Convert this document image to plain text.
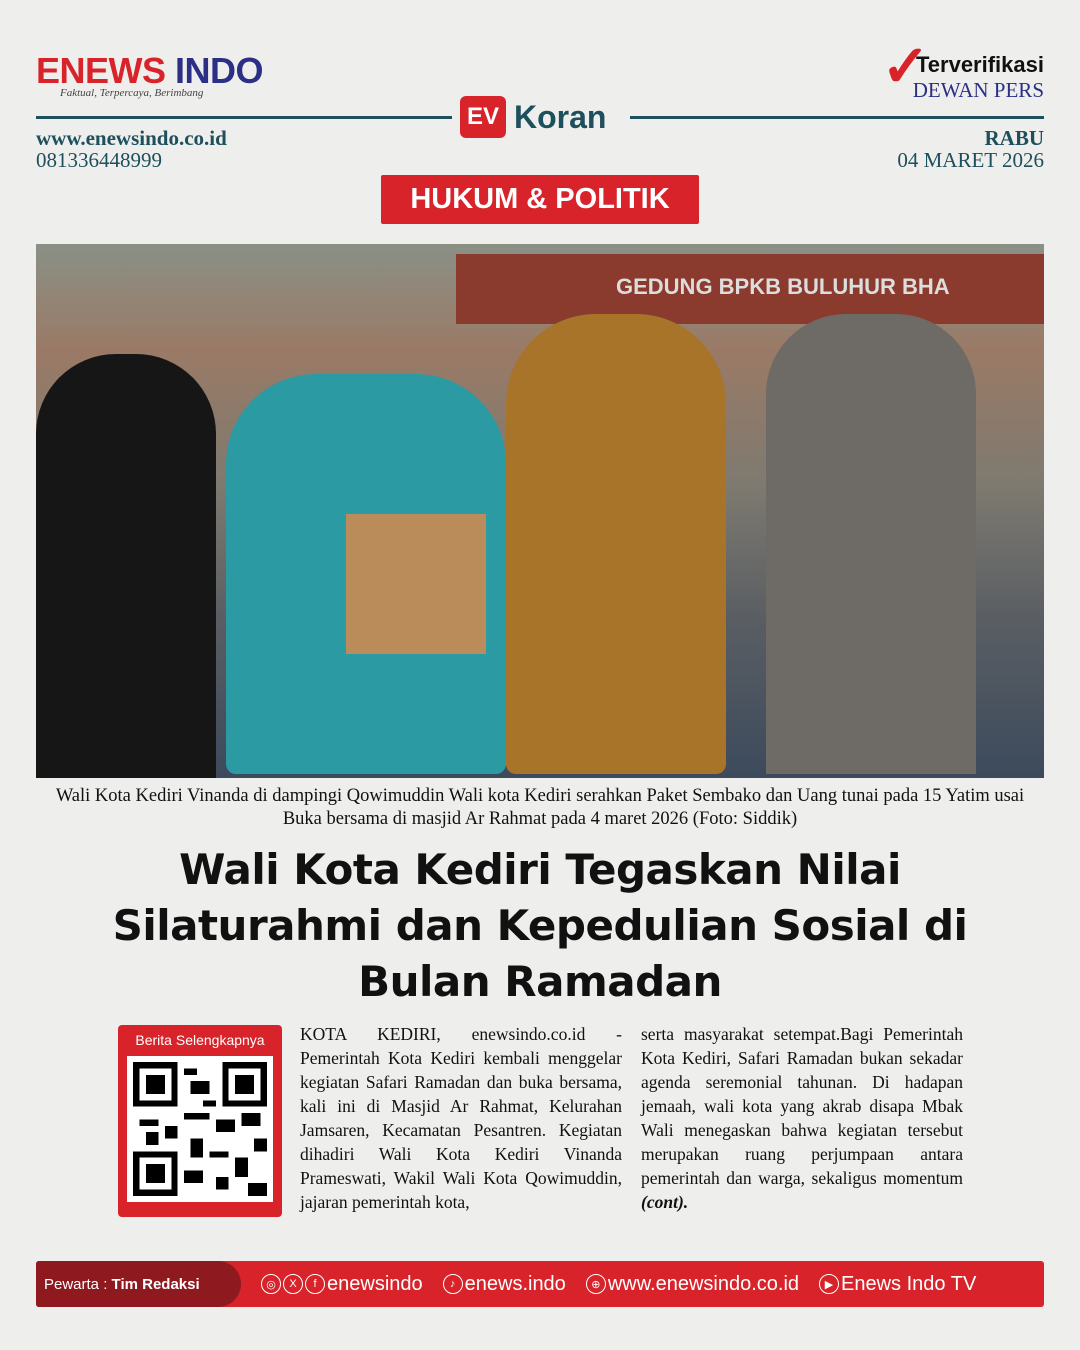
ENEWS INDO
Faktual, Terpercaya, Berimbang
EV Koran
www.enewsindo.co.id
081336448999
✓
Terverifikasi
DEWAN PERS
RABU
04 MARET 2026
HUKUM & POLITIK
GEDUNG BPKB BULUHUR BHA
Wali Kota Kediri Vinanda di dampingi Qowimuddin Wali kota Kediri serahkan Paket Sembako dan Uang tunai pada 15 Yatim usai Buka bersama di masjid Ar Rahmat pada 4 maret 2026 (Foto: Siddik)
Wali Kota Kediri Tegaskan Nilai Silaturahmi dan Kepedulian Sosial di Bulan Ramadan
Berita Selengkapnya	KOTA KEDIRI, enewsindo.co.id - Pemerintah Kota Kediri kembali menggelar kegiatan Safari Ramadan dan buka bersama, kali ini di Masjid Ar Rahmat, Kelurahan Jamsaren, Kecamatan Pesantren. Kegiatan dihadiri Wali Kota Kediri Vinanda Prameswati, Wakil Wali Kota Qowimuddin, jajaran pemerintah kota,
serta masyarakat setempat.Bagi Pemerintah Kota Kediri, Safari Ramadan bukan sekadar agenda seremonial tahunan. Di hadapan jemaah, wali kota yang akrab disapa Mbak Wali menegaskan bahwa kegiatan tersebut merupakan ruang perjumpaan antara pemerintah dan warga, sekaligus momentum (cont).
Pewarta :
Tim Redaksi	◎	X	f enewsindo	♪ enews.indo	⊕ www.enewsindo.co.id	▶ Enews Indo TV
